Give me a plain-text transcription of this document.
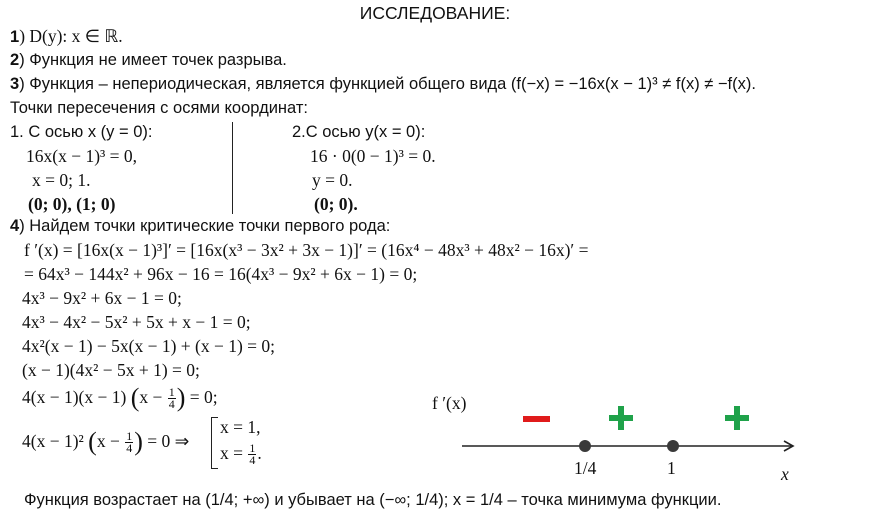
ИССЛЕДОВАНИЕ:
1) D(y): x ∈ ℝ.
2) Функция не имеет точек разрыва.
3) Функция – непериодическая, является функцией общего вида (f(−x) = −16x(x − 1)³ ≠ f(x) ≠ −f(x).
Точки пересечения с осями координат:
1. С осью x (y = 0):
16x(x − 1)³ = 0,
x = 0; 1.
(0; 0), (1; 0)
2.С осью y(x = 0):
16 · 0(0 − 1)³ = 0.
y = 0.
(0; 0).
4) Найдем точки критические точки первого рода:
f ′(x) = [16x(x − 1)³]′ = [16x(x³ − 3x² + 3x − 1)]′ = (16x⁴ − 48x³ + 48x² − 16x)′ =
= 64x³ − 144x² + 96x − 16 = 16(4x³ − 9x² + 6x − 1) = 0;
4x³ − 9x² + 6x − 1 = 0;
4x³ − 4x² − 5x² + 5x + x − 1 = 0;
4x²(x − 1) − 5x(x − 1) + (x − 1) = 0;
(x − 1)(4x² − 5x + 1) = 0;
4(x − 1)(x − 1) ($x - \frac{1}{4}$ ) = 0;
4(x − 1)² ($x - \frac{1}{4}$ ) = 0 ⇒
x = 1,
$x = \frac{1}{4}$ .
f ′(x)
1/4	1	x
Функция возрастает на (1/4; +∞) и убывает на (−∞; 1/4); x = 1/4 – точка минимума функции.
